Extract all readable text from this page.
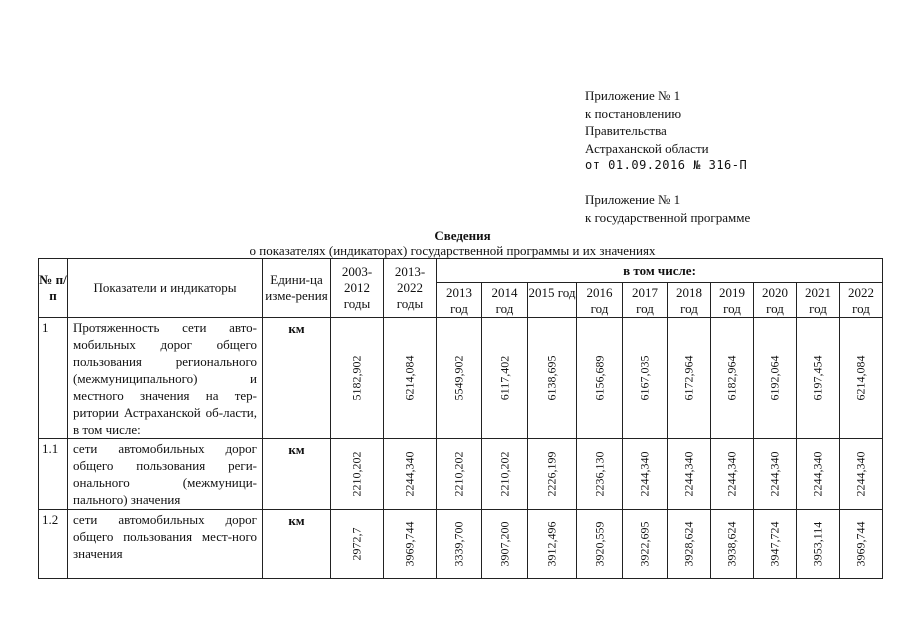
Приложение № 1
к постановлению
Правительства
Астраханской области
от 01.09.2016 № 316-П
Приложение № 1
к государственной программе
Сведения
о показателях (индикаторах) государственной программы и их значениях
№ п/п	Показатели и индикаторы	Едини-ца изме-рения	2003-2012 годы	2013-2022 годы	в том числе:									
					2013 год	2014 год	2015 год	2016 год	2017 год	2018 год	2019 год	2020 год	2021 год	2022 год
1	Протяженность сети авто-мобильных дорог общего пользования регионального (межмуниципального) и местного значения на тер-ритории Астраханской об-ласти, в том числе:	км	5182,902	6214,084	5549,902	6117,402	6138,695	6156,689	6167,035	6172,964	6182,964	6192,064	6197,454	6214,084

1.1	сети автомобильных дорог общего пользования реги-онального (межмуници-пального) значения	км	2210,202	2244,340	2210,202	2210,202	2226,199	2236,130	2244,340	2244,340	2244,340	2244,340	2244,340	2244,340

1.2	сети автомобильных дорог общего пользования мест-ного значения	км	2972,7	3969,744	3339,700	3907,200	3912,496	3920,559	3922,695	3928,624	3938,624	3947,724	3953,114	3969,744
